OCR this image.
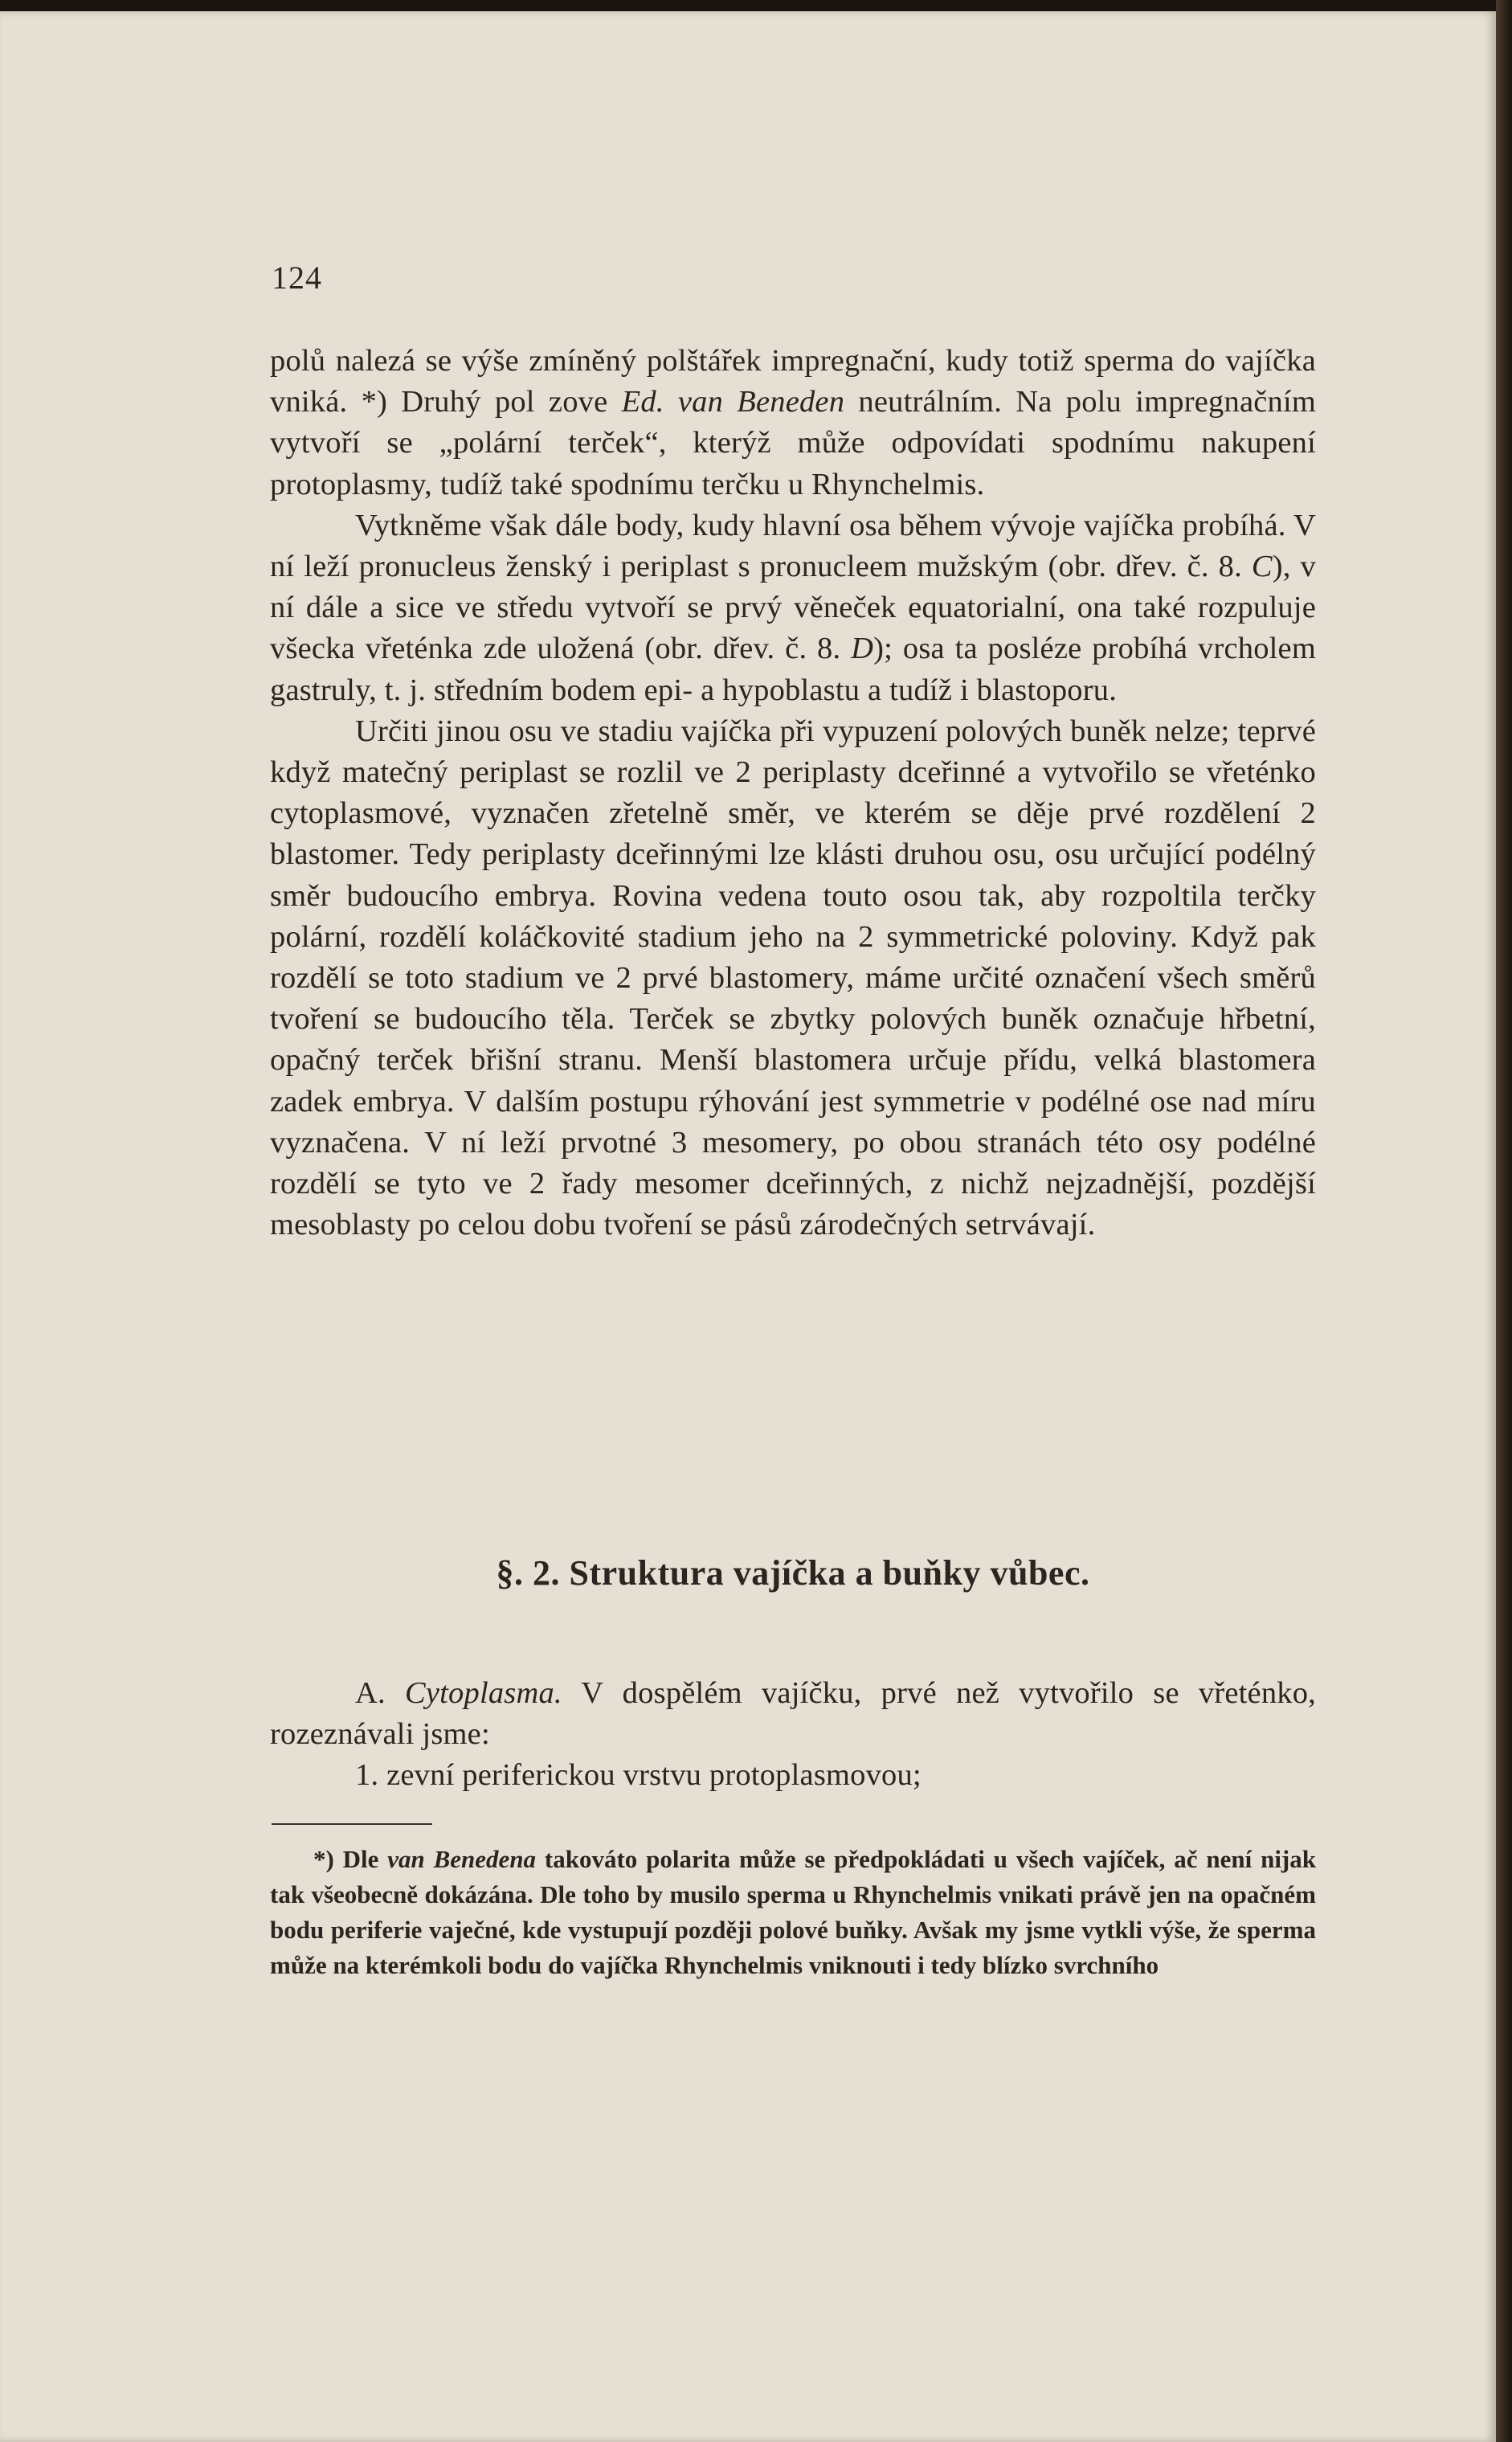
124

polů nalezá se výše zmíněný polštářek impregnační, kudy totiž sperma do vajíčka vniká. *) Druhý pol zove Ed. van Beneden neutrálním. Na polu impregnačním vytvoří se „polární terček“, kterýž může odpovídati spodnímu nakupení protoplasmy, tudíž také spodnímu terčku u Rhynchelmis.

Vytkněme však dále body, kudy hlavní osa během vývoje vajíčka probíhá. V ní leží pronucleus ženský i periplast s pronucleem mužským (obr. dřev. č. 8. C), v ní dále a sice ve středu vytvoří se prvý věneček equatorialní, ona také rozpuluje všecka vřeténka zde uložená (obr. dřev. č. 8. D); osa ta posléze probíhá vrcholem gastruly, t. j. středním bodem epi- a hypoblastu a tudíž i blastoporu.

Určiti jinou osu ve stadiu vajíčka při vypuzení polových buněk nelze; teprvé když matečný periplast se rozlil ve 2 periplasty dceřinné a vytvořilo se vřeténko cytoplasmové, vyznačen zřetelně směr, ve kterém se děje prvé rozdělení 2 blastomer. Tedy periplasty dceřinnými lze klásti druhou osu, osu určující podélný směr budoucího embrya. Rovina vedena touto osou tak, aby rozpoltila terčky polární, rozdělí koláčkovité stadium jeho na 2 symmetrické poloviny. Když pak rozdělí se toto stadium ve 2 prvé blastomery, máme určité označení všech směrů tvoření se budoucího těla. Terček se zbytky polových buněk označuje hřbetní, opačný terček břišní stranu. Menší blastomera určuje přídu, velká blastomera zadek embrya. V dalším postupu rýhování jest symmetrie v podélné ose nad míru vyznačena. V ní leží prvotné 3 mesomery, po obou stranách této osy podélné rozdělí se tyto ve 2 řady mesomer dceřinných, z nichž nejzadnější, pozdější mesoblasty po celou dobu tvoření se pásů zárodečných setrvávají.

§. 2. Struktura vajíčka a buňky vůbec.

A. Cytoplasma. V dospělém vajíčku, prvé než vytvořilo se vřeténko, rozeznávali jsme:

1. zevní periferickou vrstvu protoplasmovou;

*) Dle van Benedena takováto polarita může se předpokládati u všech vajíček, ač není nijak tak všeobecně dokázána. Dle toho by musilo sperma u Rhynchelmis vnikati právě jen na opačném bodu periferie vaječné, kde vystupují později polové buňky. Avšak my jsme vytkli výše, že sperma může na kterémkoli bodu do vajíčka Rhynchelmis vniknouti i tedy blízko svrchního
